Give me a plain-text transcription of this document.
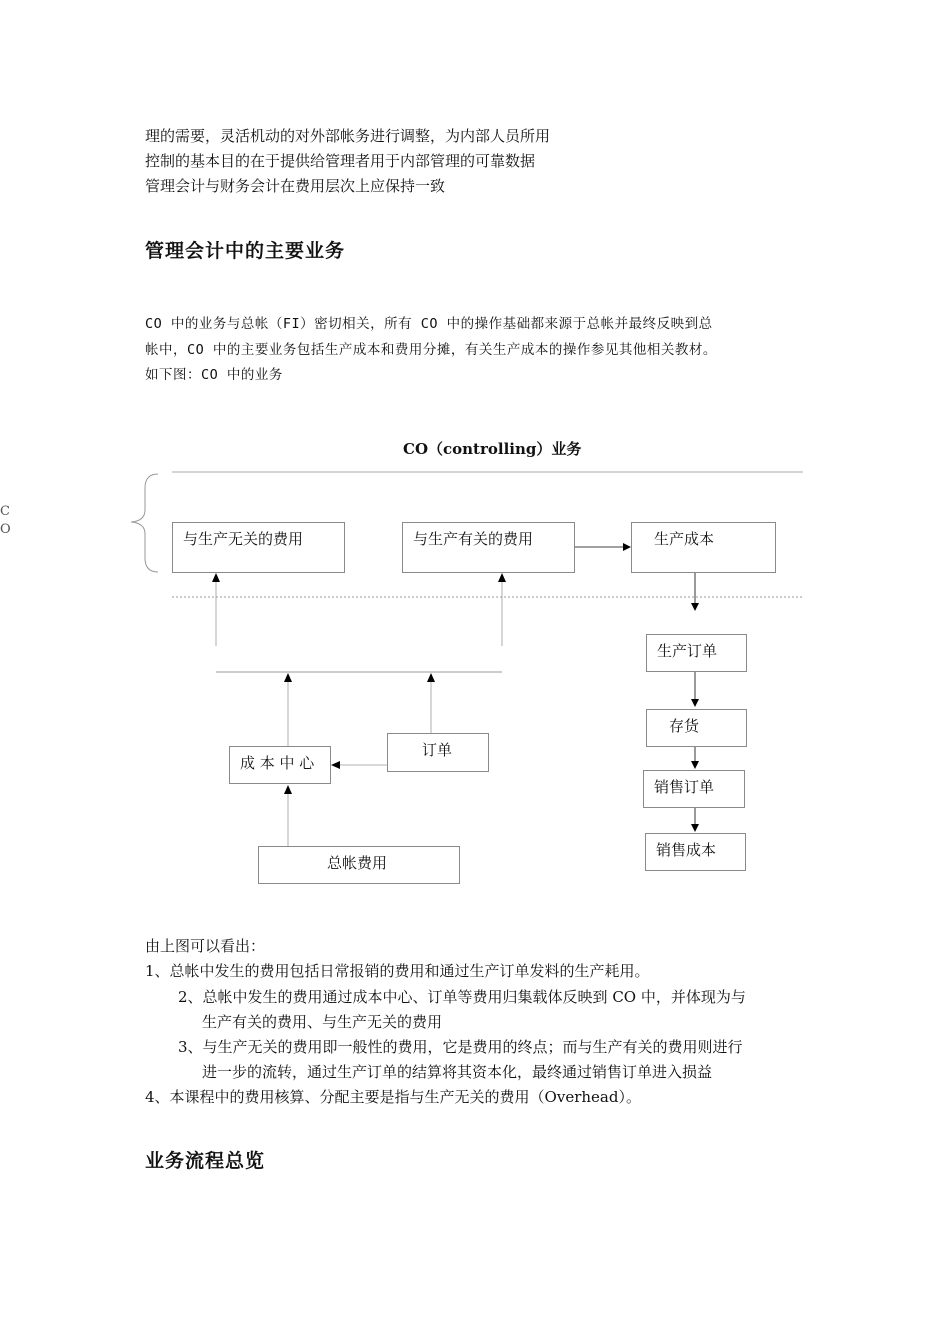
理的需要，灵活机动的对外部帐务进行调整，为内部人员所用
控制的基本目的在于提供给管理者用于内部管理的可靠数据
管理会计与财务会计在费用层次上应保持一致
管理会计中的主要业务
CO 中的业务与总帐（FI）密切相关，所有 CO 中的操作基础都来源于总帐并最终反映到总
帐中，CO 中的主要业务包括生产成本和费用分摊，有关生产成本的操作参见其他相关教材。
如下图：CO 中的业务
CO（controlling）业务
C
O
与生产无关的费用	与生产有关的费用	生产成本
生产订单
存货
销售订单
销售成本
成 本 中 心
订单
总帐费用
由上图可以看出：
1、总帐中发生的费用包括日常报销的费用和通过生产订单发料的生产耗用。
2、总帐中发生的费用通过成本中心、订单等费用归集载体反映到 CO 中，并体现为与
生产有关的费用、与生产无关的费用
3、与生产无关的费用即一般性的费用，它是费用的终点；而与生产有关的费用则进行
进一步的流转，通过生产订单的结算将其资本化，最终通过销售订单进入损益
4、本课程中的费用核算、分配主要是指与生产无关的费用（Overhead）。
业务流程总览
